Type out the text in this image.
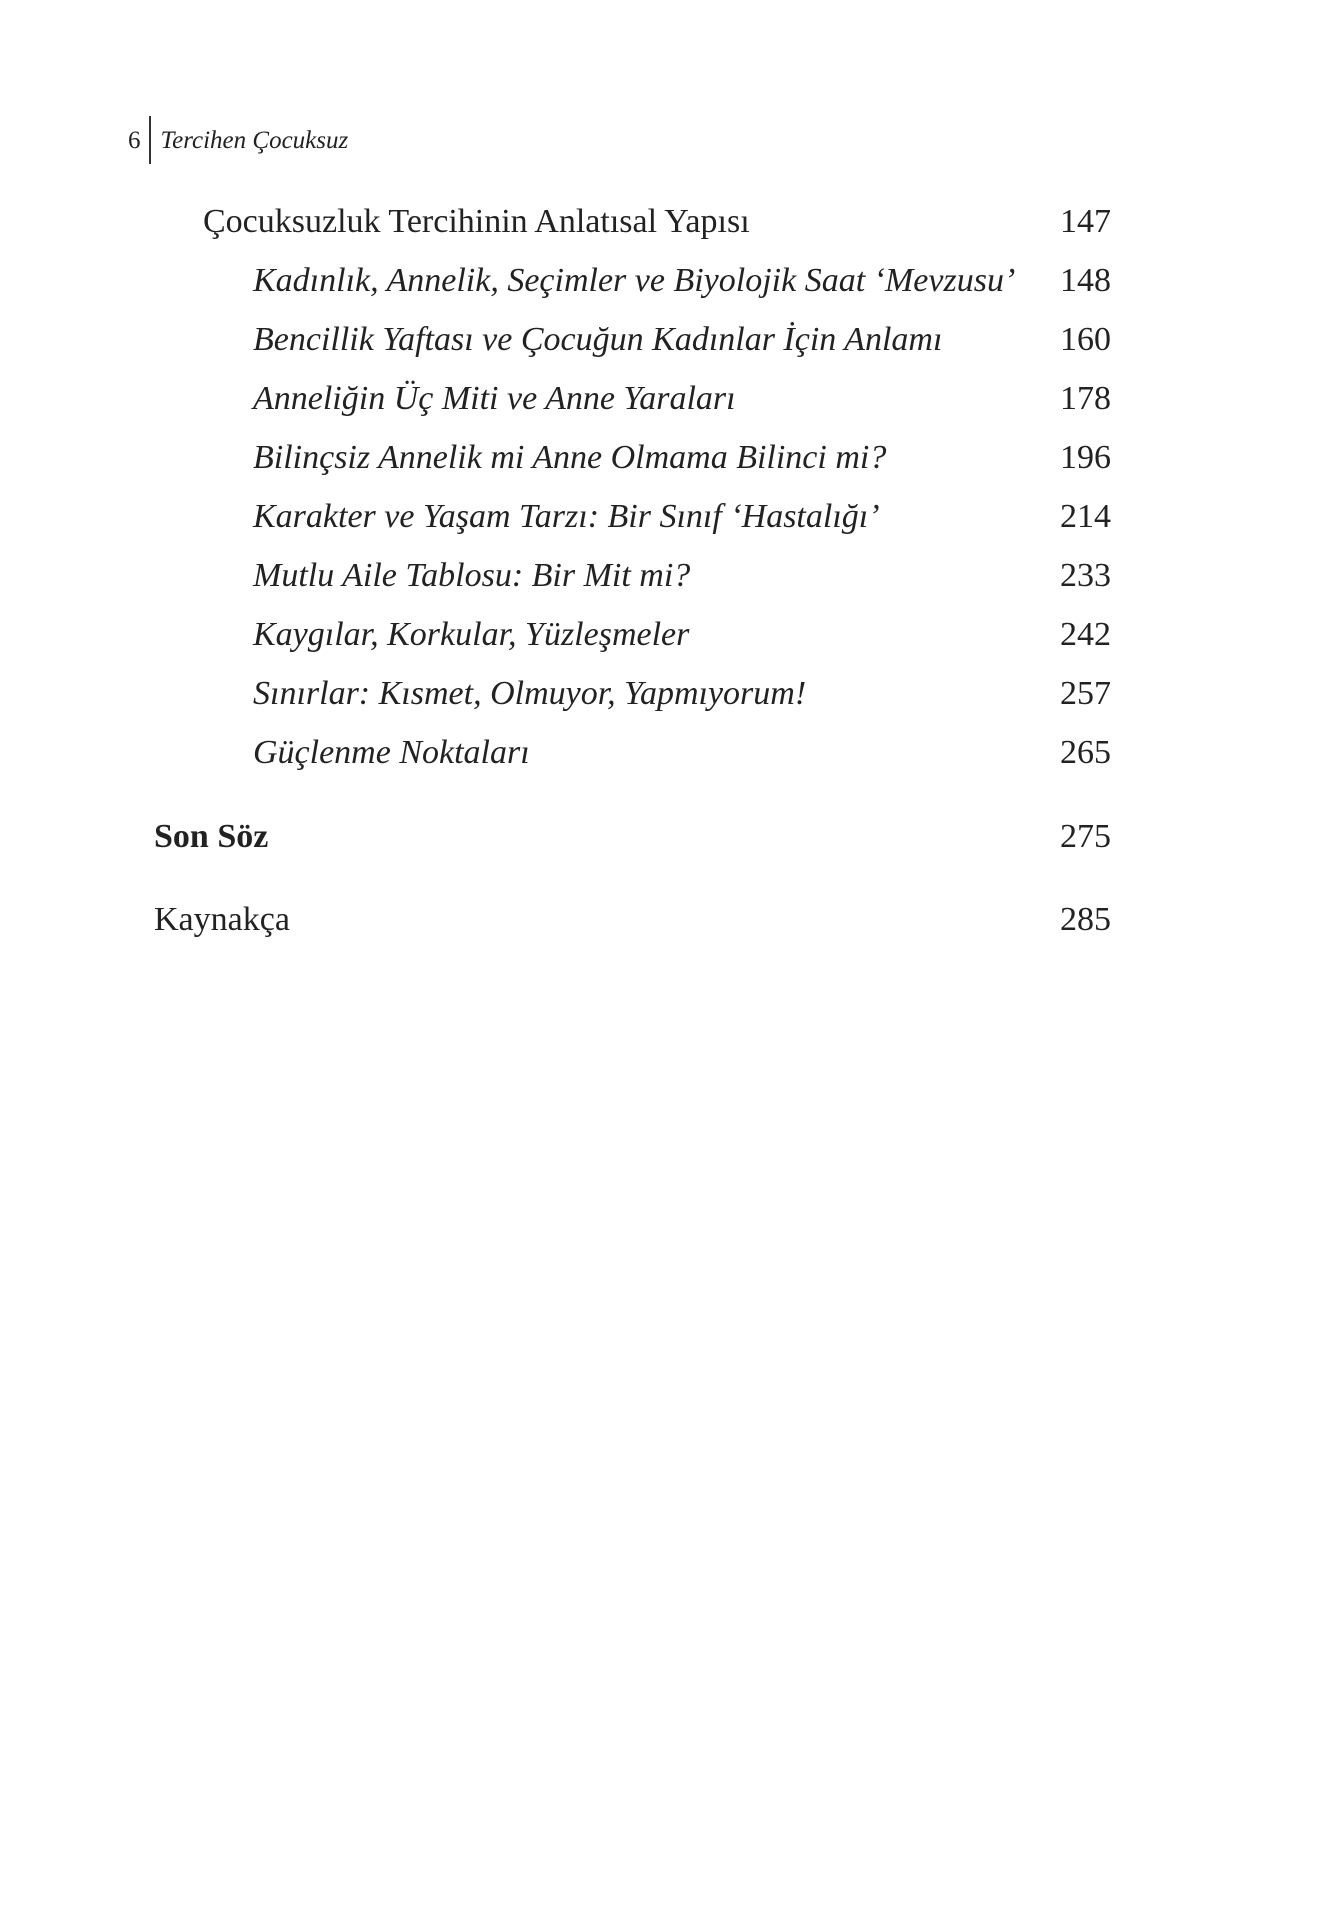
6 Tercihen Çocuksuz
Çocuksuzluk Tercihinin Anlatısal Yapısı	147
Kadınlık, Annelik, Seçimler ve Biyolojik Saat ‘Mevzusu’ 148
Bencillik Yaftası ve Çocuğun Kadınlar İçin Anlamı	160
Anneliğin Üç Miti ve Anne Yaraları	178
Bilinçsiz Annelik mi Anne Olmama Bilinci mi?	196
Karakter ve Yaşam Tarzı: Bir Sınıf ‘Hastalığı’	214
Mutlu Aile Tablosu: Bir Mit mi?	233
Kaygılar, Korkular, Yüzleşmeler	242
Sınırlar: Kısmet, Olmuyor, Yapmıyorum!	257
Güçlenme Noktaları	265
Son Söz	275
Kaynakça	285
